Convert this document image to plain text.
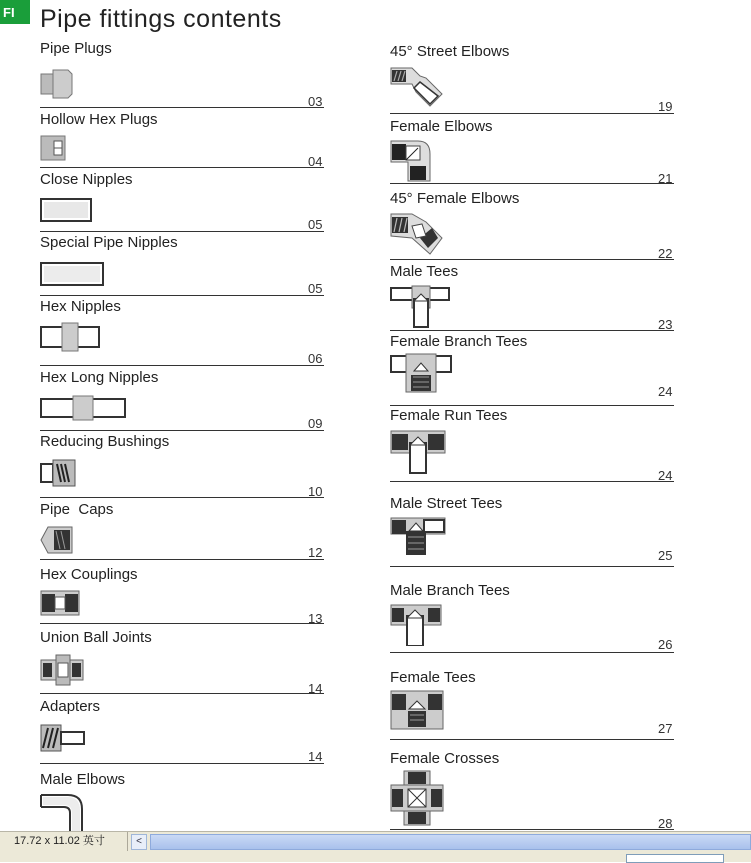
FI	Pipe fittings contents
Pipe Plugs
03
Hollow Hex Plugs
04
Close Nipples
05
Special Pipe Nipples
05
Hex Nipples
06
Hex Long Nipples
09
Reducing Bushings
10
Pipe  Caps
12
Hex Couplings
13
Union Ball Joints
14
Adapters
14
Male Elbows
45° Street Elbows
19
Female Elbows
21
45° Female Elbows
22
Male Tees
23
Female Branch Tees
24
Female Run Tees
24
Male Street Tees
25
Male Branch Tees
26
Female Tees
27
Female Crosses
28
17.72 x 11.02 英寸	<
